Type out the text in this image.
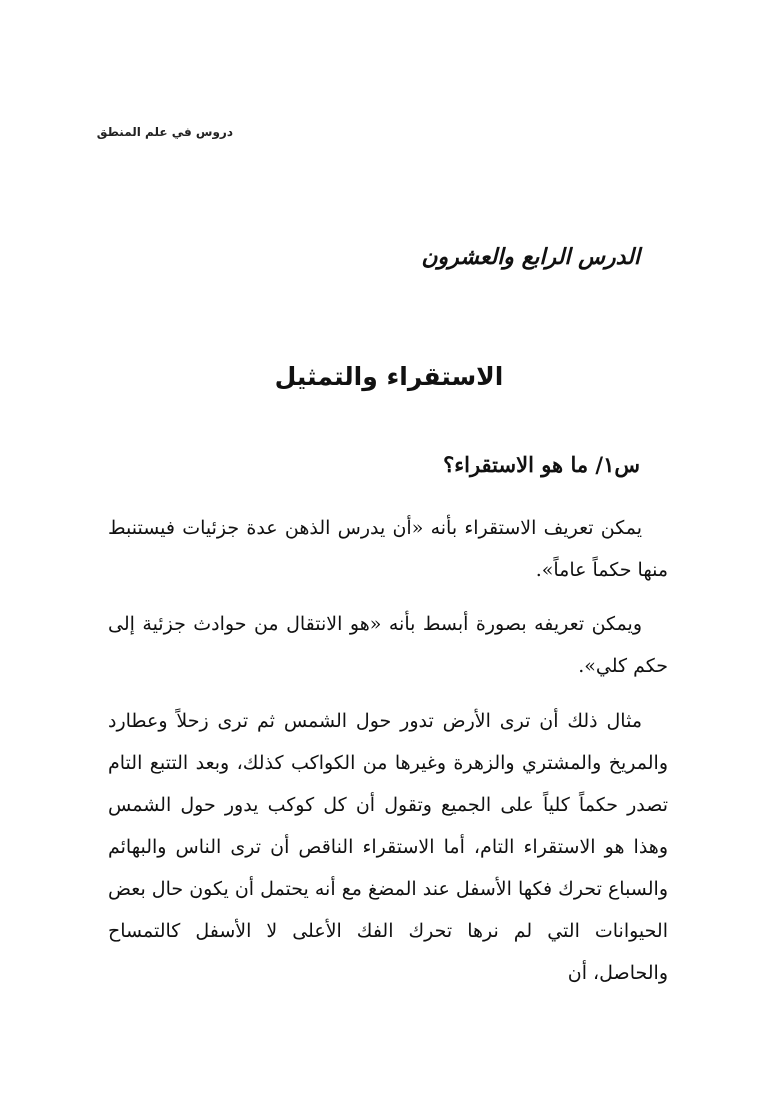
دروس في علم المنطق
الدرس الرابع والعشرون
الاستقراء والتمثيل
س١/ ما هو الاستقراء؟

يمكن تعريف الاستقراء بأنه «أن يدرس الذهن عدة جزئيات فيستنبط منها حكماً عاماً».

ويمكن تعريفه بصورة أبسط بأنه «هو الانتقال من حوادث جزئية إلى حكم كلي».

مثال ذلك أن ترى الأرض تدور حول الشمس ثم ترى زحلاً وعطارد والمريخ والمشتري والزهرة وغيرها من الكواكب كذلك، وبعد التتبع التام تصدر حكماً كلياً على الجميع وتقول أن كل كوكب يدور حول الشمس وهذا هو الاستقراء التام، أما الاستقراء الناقص أن ترى الناس والبهائم والسباع تحرك فكها الأسفل عند المضغ مع أنه يحتمل أن يكون حال بعض الحيوانات التي لم نرها تحرك الفك الأعلى لا الأسفل كالتمساح والحاصل، أن
